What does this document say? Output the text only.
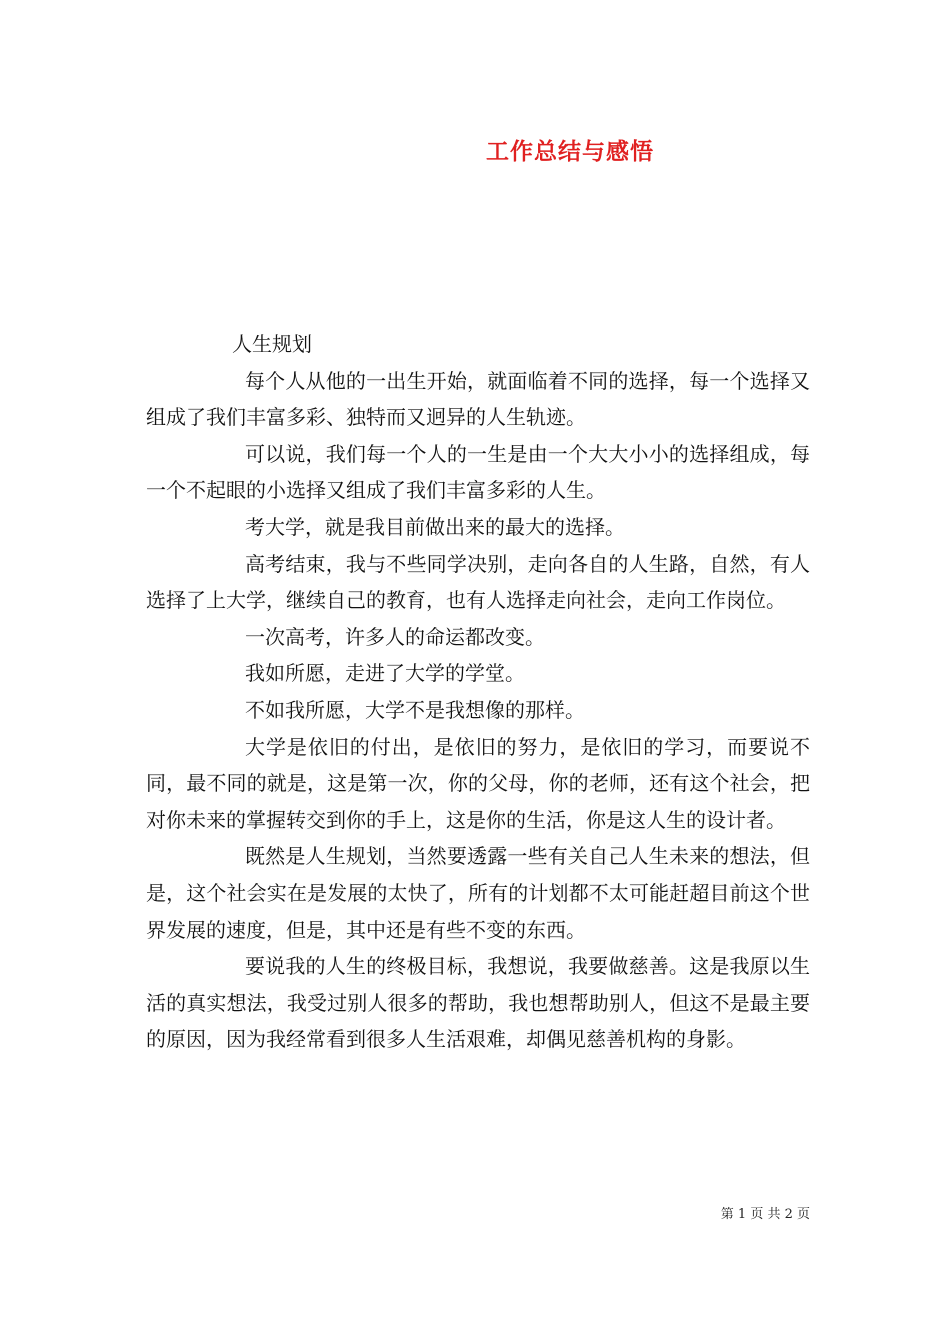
工作总结与感悟

人生规划

每个人从他的一出生开始，就面临着不同的选择，每一个选择又组成了我们丰富多彩、独特而又迥异的人生轨迹。

可以说，我们每一个人的一生是由一个大大小小的选择组成，每一个不起眼的小选择又组成了我们丰富多彩的人生。

考大学，就是我目前做出来的最大的选择。

高考结束，我与不些同学决别，走向各自的人生路，自然，有人选择了上大学，继续自己的教育，也有人选择走向社会，走向工作岗位。

一次高考，许多人的命运都改变。

我如所愿，走进了大学的学堂。

不如我所愿，大学不是我想像的那样。

大学是依旧的付出，是依旧的努力，是依旧的学习，而要说不同，最不同的就是，这是第一次，你的父母，你的老师，还有这个社会，把对你未来的掌握转交到你的手上，这是你的生活，你是这人生的设计者。

既然是人生规划，当然要透露一些有关自己人生未来的想法，但是，这个社会实在是发展的太快了，所有的计划都不太可能赶超目前这个世界发展的速度，但是，其中还是有些不变的东西。

要说我的人生的终极目标，我想说，我要做慈善。这是我原以生活的真实想法，我受过别人很多的帮助，我也想帮助别人，但这不是最主要的原因，因为我经常看到很多人生活艰难，却偶见慈善机构的身影。

第 1 页 共 2 页
